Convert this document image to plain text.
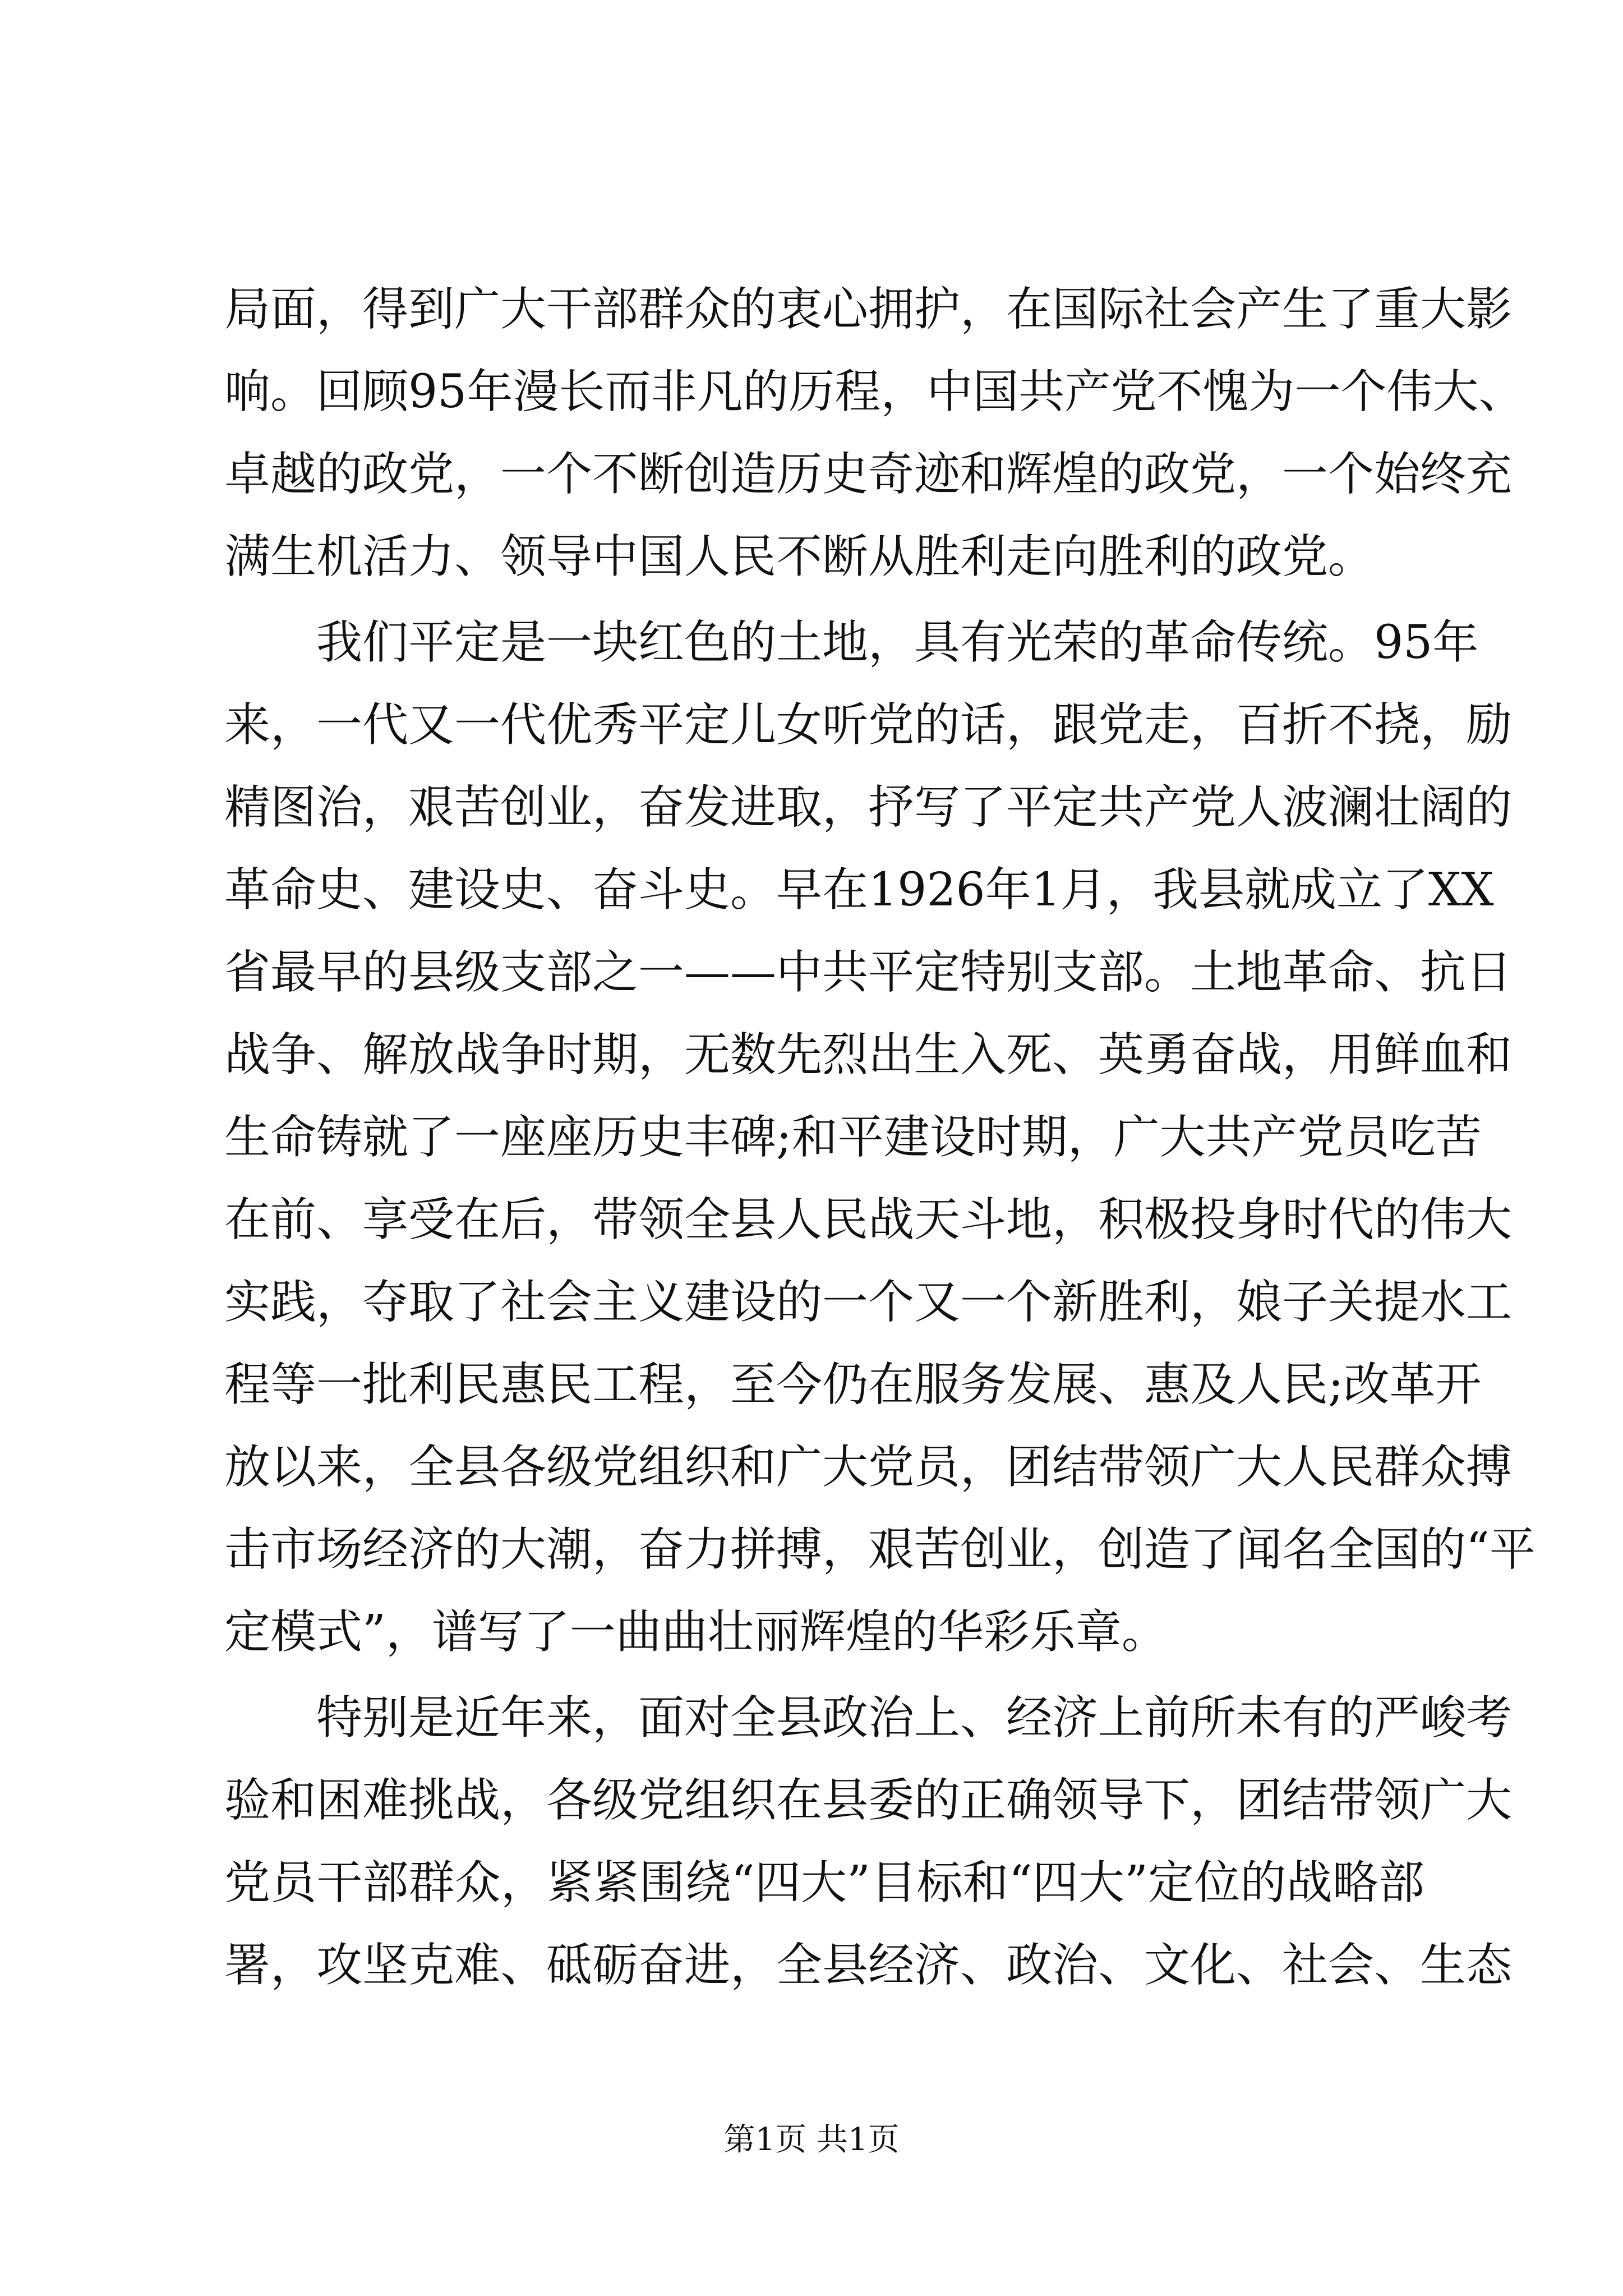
局面，得到广大干部群众的衷心拥护，在国际社会产生了重大影
响。回顾95年漫长而非凡的历程，中国共产党不愧为一个伟大、
卓越的政党，一个不断创造历史奇迹和辉煌的政党，一个始终充
满生机活力、领导中国人民不断从胜利走向胜利的政党。
我们平定是一块红色的土地，具有光荣的革命传统。95年
来，一代又一代优秀平定儿女听党的话，跟党走，百折不挠，励
精图治，艰苦创业，奋发进取，抒写了平定共产党人波澜壮阔的
革命史、建设史、奋斗史。早在1926年1月，我县就成立了XX
省最早的县级支部之一——中共平定特别支部。土地革命、抗日
战争、解放战争时期，无数先烈出生入死、英勇奋战，用鲜血和
生命铸就了一座座历史丰碑;和平建设时期，广大共产党员吃苦
在前、享受在后，带领全县人民战天斗地，积极投身时代的伟大
实践，夺取了社会主义建设的一个又一个新胜利，娘子关提水工
程等一批利民惠民工程，至今仍在服务发展、惠及人民;改革开
放以来，全县各级党组织和广大党员，团结带领广大人民群众搏
击市场经济的大潮，奋力拼搏，艰苦创业，创造了闻名全国的“平
定模式”，谱写了一曲曲壮丽辉煌的华彩乐章。
特别是近年来，面对全县政治上、经济上前所未有的严峻考
验和困难挑战，各级党组织在县委的正确领导下，团结带领广大
党员干部群众，紧紧围绕“四大”目标和“四大”定位的战略部
署，攻坚克难、砥砺奋进，全县经济、政治、文化、社会、生态
第1页 共1页
